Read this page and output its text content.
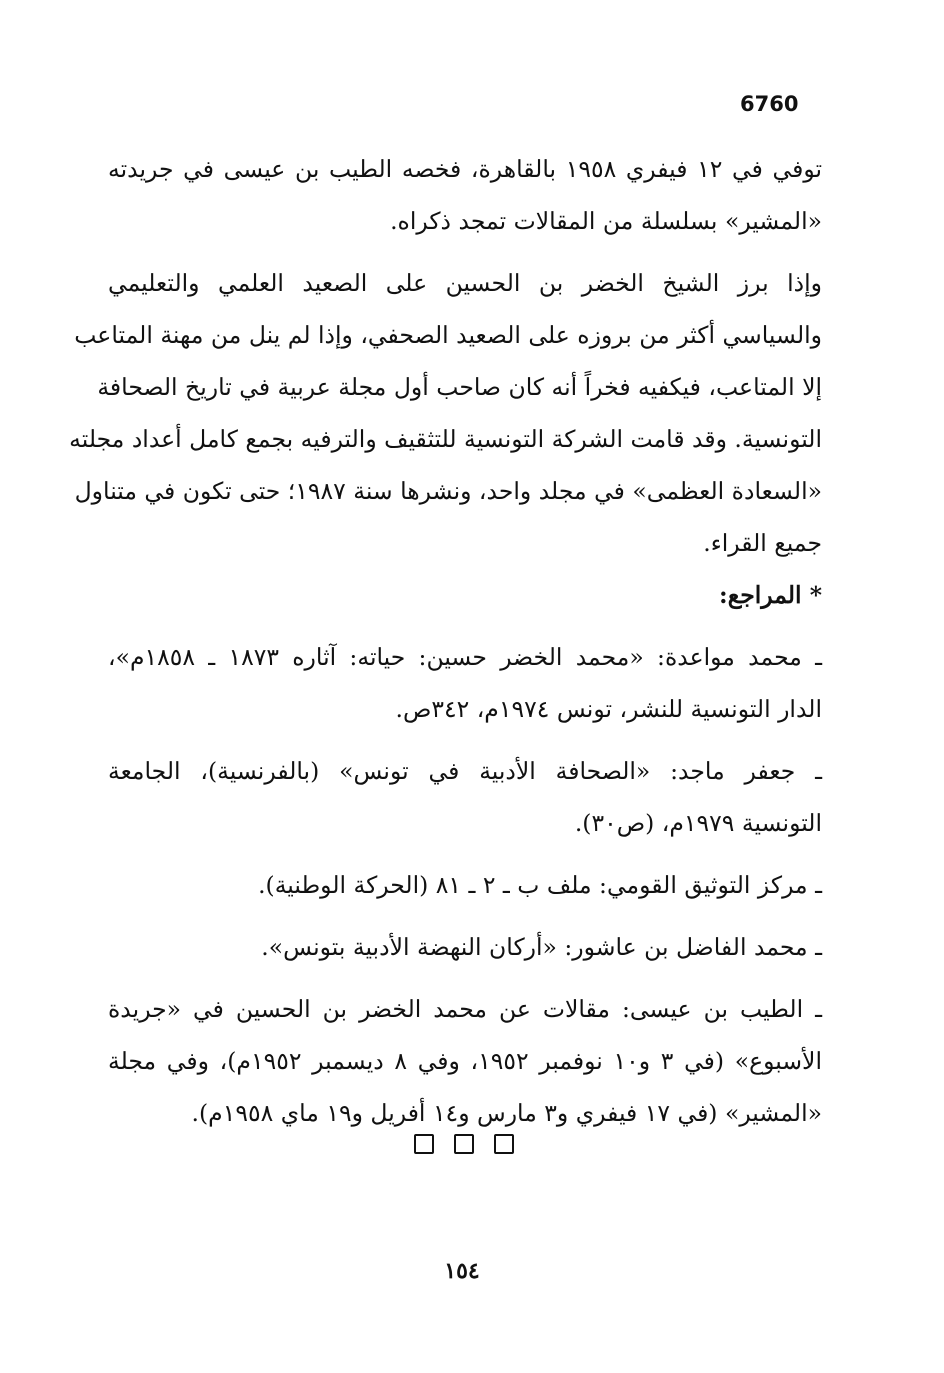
6760
توفي في ١٢ فيفري ١٩٥٨ بالقاهرة، فخصه الطيب بن عيسى في جريدته
«المشير» بسلسلة من المقالات تمجد ذكراه.
وإذا برز الشيخ الخضر بن الحسين على الصعيد العلمي والتعليمي
والسياسي أكثر من بروزه على الصعيد الصحفي، وإذا لم ينل من مهنة المتاعب
إلا المتاعب، فيكفيه فخراً أنه كان صاحب أول مجلة عربية في تاريخ الصحافة
التونسية. وقد قامت الشركة التونسية للتثقيف والترفيه بجمع كامل أعداد مجلته
«السعادة العظمى» في مجلد واحد، ونشرها سنة ١٩٨٧؛ حتى تكون في متناول
جميع القراء.
* المراجع:
ـ محمد مواعدة: «محمد الخضر حسين: حياته: آثاره ١٨٧٣ ـ ١٨٥٨م»،
الدار التونسية للنشر، تونس ١٩٧٤م، ٣٤٢ص.
ـ جعفر ماجد: «الصحافة الأدبية في تونس» (بالفرنسية)، الجامعة
التونسية ١٩٧٩م، (ص٣٠).
ـ مركز التوثيق القومي: ملف ب ـ ٢ ـ ٨١ (الحركة الوطنية).
ـ محمد الفاضل بن عاشور: «أركان النهضة الأدبية بتونس».
ـ الطيب بن عيسى: مقالات عن محمد الخضر بن الحسين في «جريدة
الأسبوع» (في ٣ و١٠ نوفمبر ١٩٥٢، وفي ٨ ديسمبر ١٩٥٢م)، وفي مجلة
«المشير» (في ١٧ فيفري و٣ مارس و١٤ أفريل و١٩ ماي ١٩٥٨م).
١٥٤
